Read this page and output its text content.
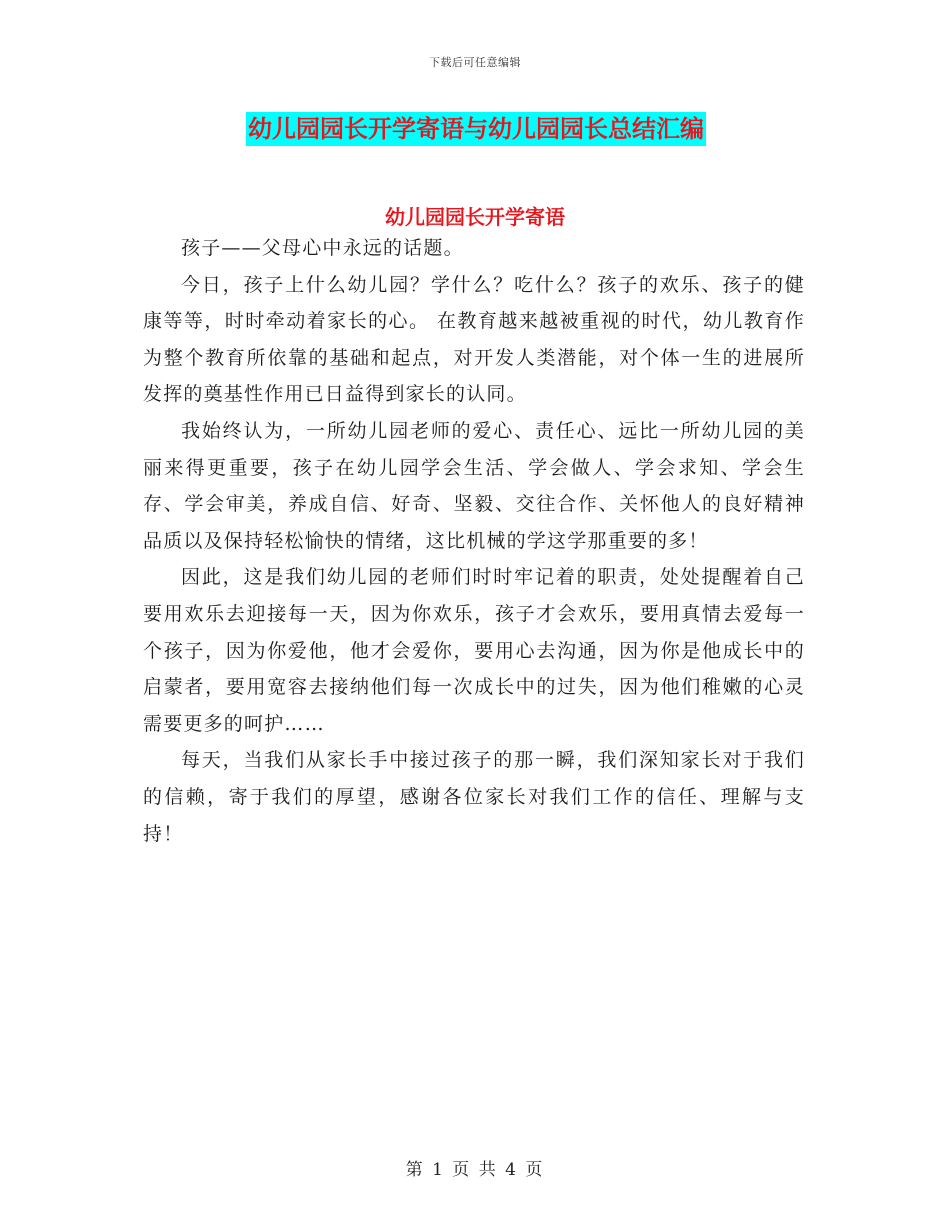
下载后可任意编辑
幼儿园园长开学寄语与幼儿园园长总结汇编
幼儿园园长开学寄语

孩子——父母心中永远的话题。

今日，孩子上什么幼儿园？学什么？吃什么？孩子的欢乐、孩子的健康等等，时时牵动着家长的心。 在教育越来越被重视的时代，幼儿教育作为整个教育所依靠的基础和起点，对开发人类潜能，对个体一生的进展所发挥的奠基性作用已日益得到家长的认同。

我始终认为，一所幼儿园老师的爱心、责任心、远比一所幼儿园的美丽来得更重要，孩子在幼儿园学会生活、学会做人、学会求知、学会生存、学会审美，养成自信、好奇、坚毅、交往合作、关怀他人的良好精神品质以及保持轻松愉快的情绪，这比机械的学这学那重要的多！

因此，这是我们幼儿园的老师们时时牢记着的职责，处处提醒着自己要用欢乐去迎接每一天，因为你欢乐，孩子才会欢乐，要用真情去爱每一个孩子，因为你爱他，他才会爱你，要用心去沟通，因为你是他成长中的启蒙者，要用宽容去接纳他们每一次成长中的过失，因为他们稚嫩的心灵需要更多的呵护……

每天，当我们从家长手中接过孩子的那一瞬，我们深知家长对于我们的信赖，寄于我们的厚望，感谢各位家长对我们工作的信任、理解与支持！

第 1 页 共 4 页
